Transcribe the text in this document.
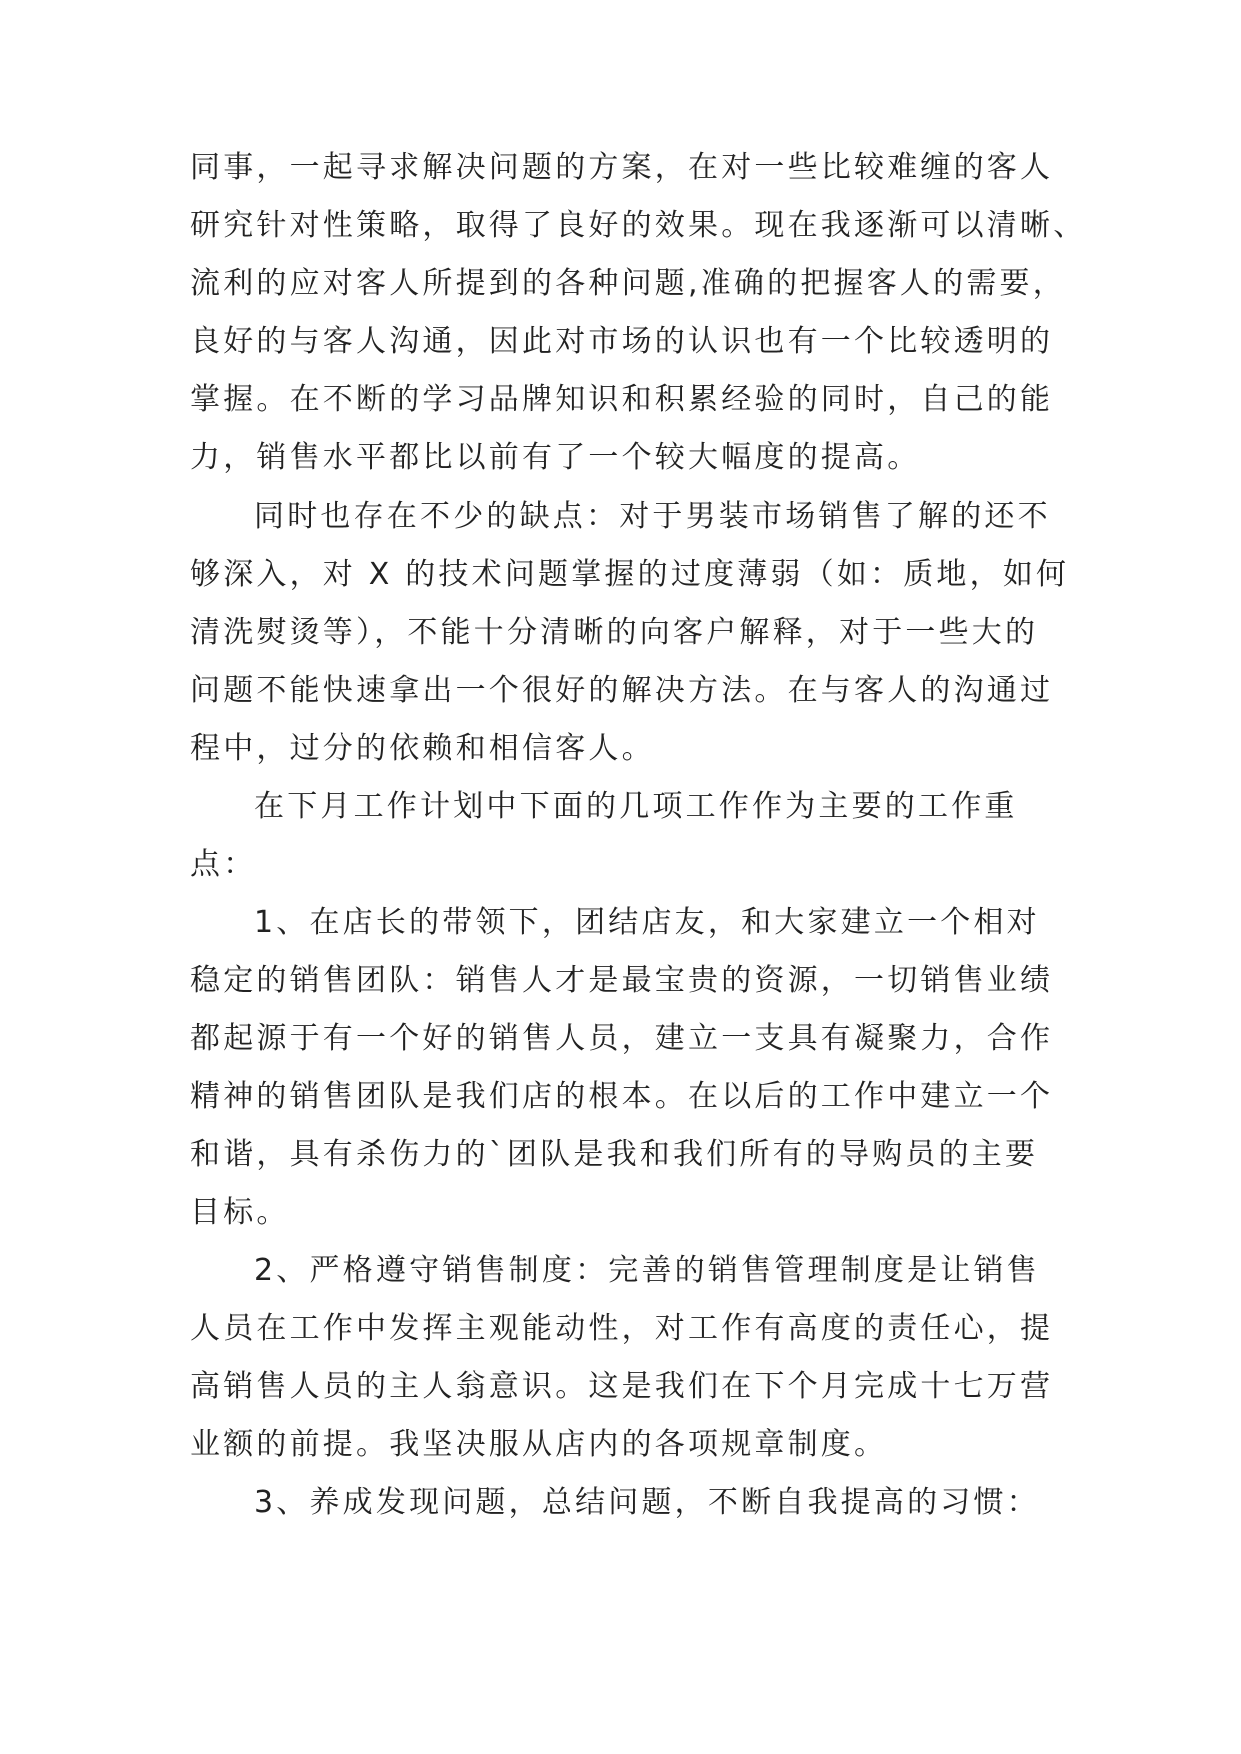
同事，一起寻求解决问题的方案，在对一些比较难缠的客人
研究针对性策略，取得了良好的效果。现在我逐渐可以清晰、
流利的应对客人所提到的各种问题,准确的把握客人的需要，
良好的与客人沟通，因此对市场的认识也有一个比较透明的
掌握。在不断的学习品牌知识和积累经验的同时，自己的能
力，销售水平都比以前有了一个较大幅度的提高。
同时也存在不少的缺点：对于男装市场销售了解的还不
够深入，对 X 的技术问题掌握的过度薄弱（如：质地，如何
清洗熨烫等），不能十分清晰的向客户解释，对于一些大的
问题不能快速拿出一个很好的解决方法。在与客人的沟通过
程中，过分的依赖和相信客人。
在下月工作计划中下面的几项工作作为主要的工作重
点：
1、在店长的带领下，团结店友，和大家建立一个相对
稳定的销售团队：销售人才是最宝贵的资源，一切销售业绩
都起源于有一个好的销售人员，建立一支具有凝聚力，合作
精神的销售团队是我们店的根本。在以后的工作中建立一个
和谐，具有杀伤力的`团队是我和我们所有的导购员的主要
目标。
2、严格遵守销售制度：完善的销售管理制度是让销售
人员在工作中发挥主观能动性，对工作有高度的责任心，提
高销售人员的主人翁意识。这是我们在下个月完成十七万营
业额的前提。我坚决服从店内的各项规章制度。
3、养成发现问题，总结问题，不断自我提高的习惯：
